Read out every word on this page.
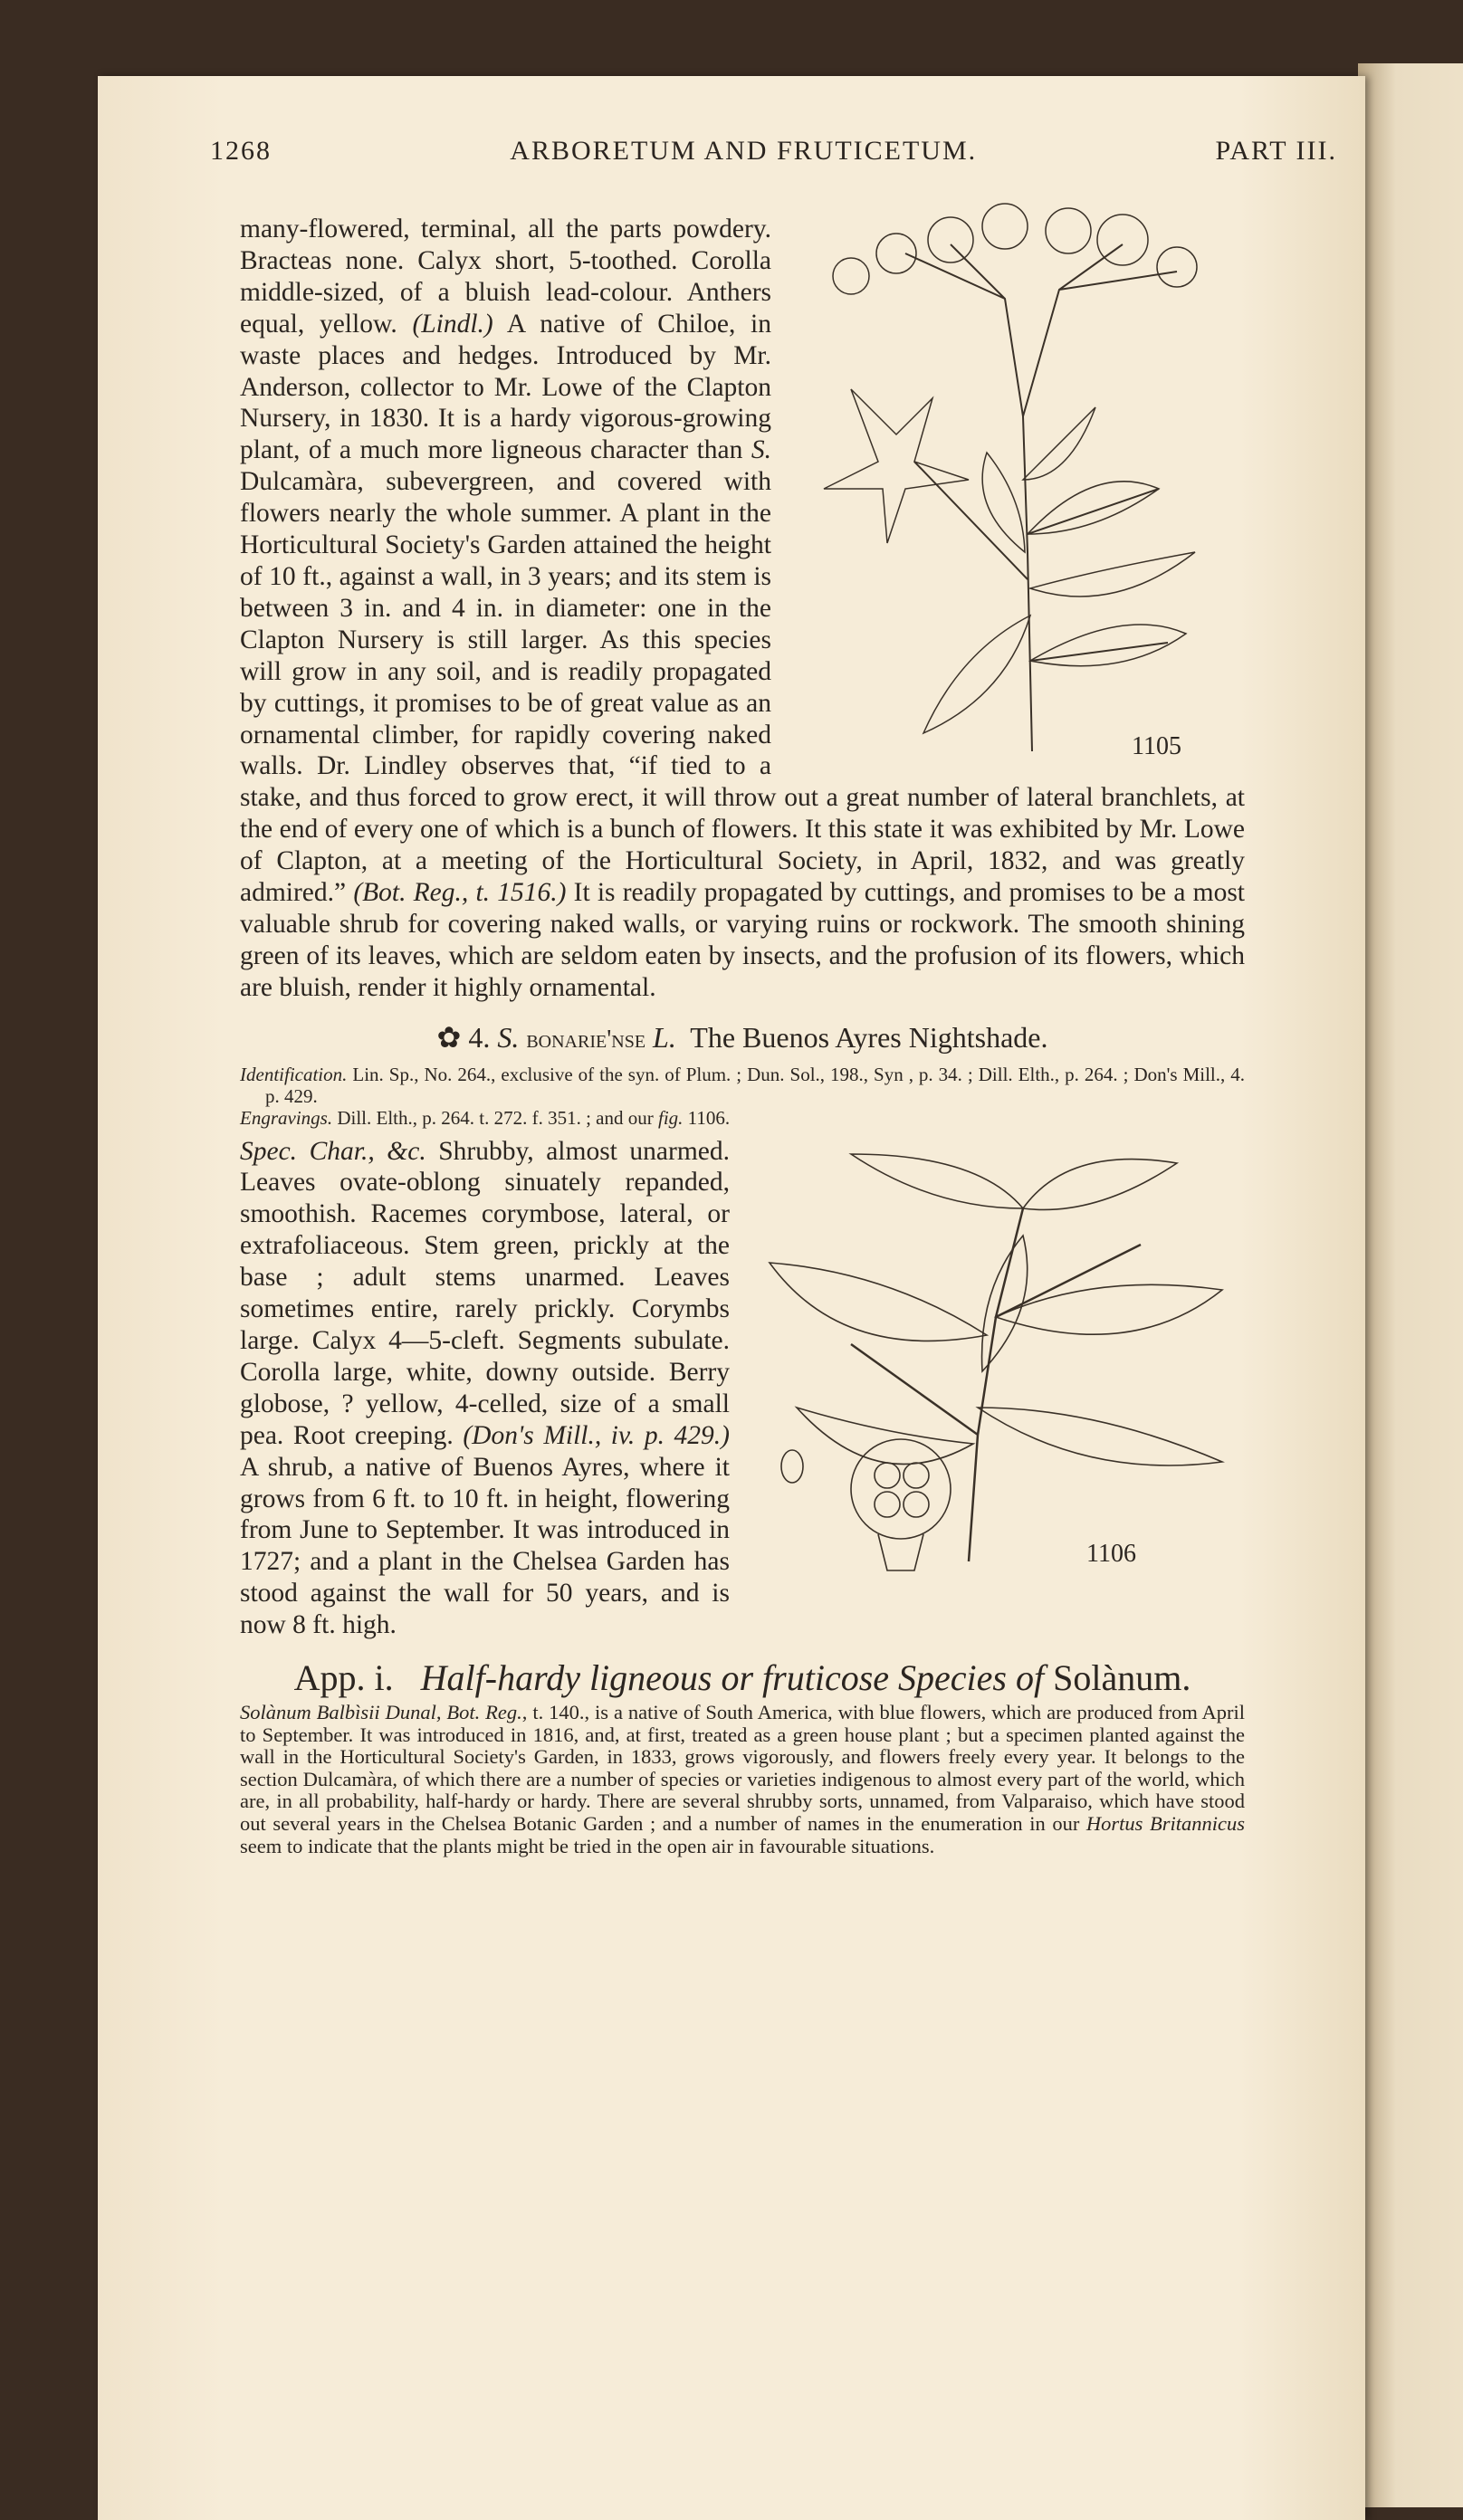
1268	ARBORETUM AND FRUTICETUM.	PART III.
1105

many-flowered, terminal, all the parts powdery. Bracteas none. Calyx short, 5-toothed. Corolla middle-sized, of a bluish lead-colour. Anthers equal, yellow. (Lindl.) A native of Chiloe, in waste places and hedges. Introduced by Mr. Anderson, collector to Mr. Lowe of the Clapton Nursery, in 1830. It is a hardy vigorous-growing plant, of a much more ligneous character than S. Dulcamàra, subevergreen, and covered with flowers nearly the whole summer. A plant in the Horticultural Society's Garden attained the height of 10 ft., against a wall, in 3 years; and its stem is between 3 in. and 4 in. in diameter: one in the Clapton Nursery is still larger. As this species will grow in any soil, and is readily propagated by cuttings, it promises to be of great value as an ornamental climber, for rapidly covering naked walls. Dr. Lindley observes that, “if tied to a stake, and thus forced to grow erect, it will throw out a great number of lateral branchlets, at the end of every one of which is a bunch of flowers. It this state it was exhibited by Mr. Lowe of Clapton, at a meeting of the Horticultural Society, in April, 1832, and was greatly admired.” (Bot. Reg., t. 1516.) It is readily propagated by cuttings, and promises to be a most valuable shrub for covering naked walls, or varying ruins or rockwork. The smooth shining green of its leaves, which are seldom eaten by insects, and the profusion of its flowers, which are bluish, render it highly ornamental.

✿ 4. S. bonarie'nse L. The Buenos Ayres Nightshade.

Identification. Lin. Sp., No. 264., exclusive of the syn. of Plum. ; Dun. Sol., 198., Syn , p. 34. ; Dill. Elth., p. 264. ; Don's Mill., 4. p. 429.

Engravings. Dill. Elth., p. 264. t. 272. f. 351. ; and our fig. 1106.

1106

Spec. Char., &c. Shrubby, almost unarmed. Leaves ovate-oblong sinuately repanded, smoothish. Racemes corymbose, lateral, or extrafoliaceous. Stem green, prickly at the base ; adult stems unarmed. Leaves sometimes entire, rarely prickly. Corymbs large. Calyx 4—5-cleft. Segments subulate. Corolla large, white, downy outside. Berry globose, ? yellow, 4-celled, size of a small pea. Root creeping. (Don's Mill., iv. p. 429.) A shrub, a native of Buenos Ayres, where it grows from 6 ft. to 10 ft. in height, flowering from June to September. It was introduced in 1727; and a plant in the Chelsea Garden has stood against the wall for 50 years, and is now 8 ft. high.

App. i. Half-hardy ligneous or fruticose Species of Solànum.

Solànum Balbìsii Dunal, Bot. Reg., t. 140., is a native of South America, with blue flowers, which are produced from April to September. It was introduced in 1816, and, at first, treated as a green house plant ; but a specimen planted against the wall in the Horticultural Society's Garden, in 1833, grows vigorously, and flowers freely every year. It belongs to the section Dulcamàra, of which there are a number of species or varieties indigenous to almost every part of the world, which are, in all probability, half-hardy or hardy. There are several shrubby sorts, unnamed, from Valparaiso, which have stood out several years in the Chelsea Botanic Garden ; and a number of names in the enumeration in our Hortus Britannicus seem to indicate that the plants might be tried in the open air in favourable situations.
